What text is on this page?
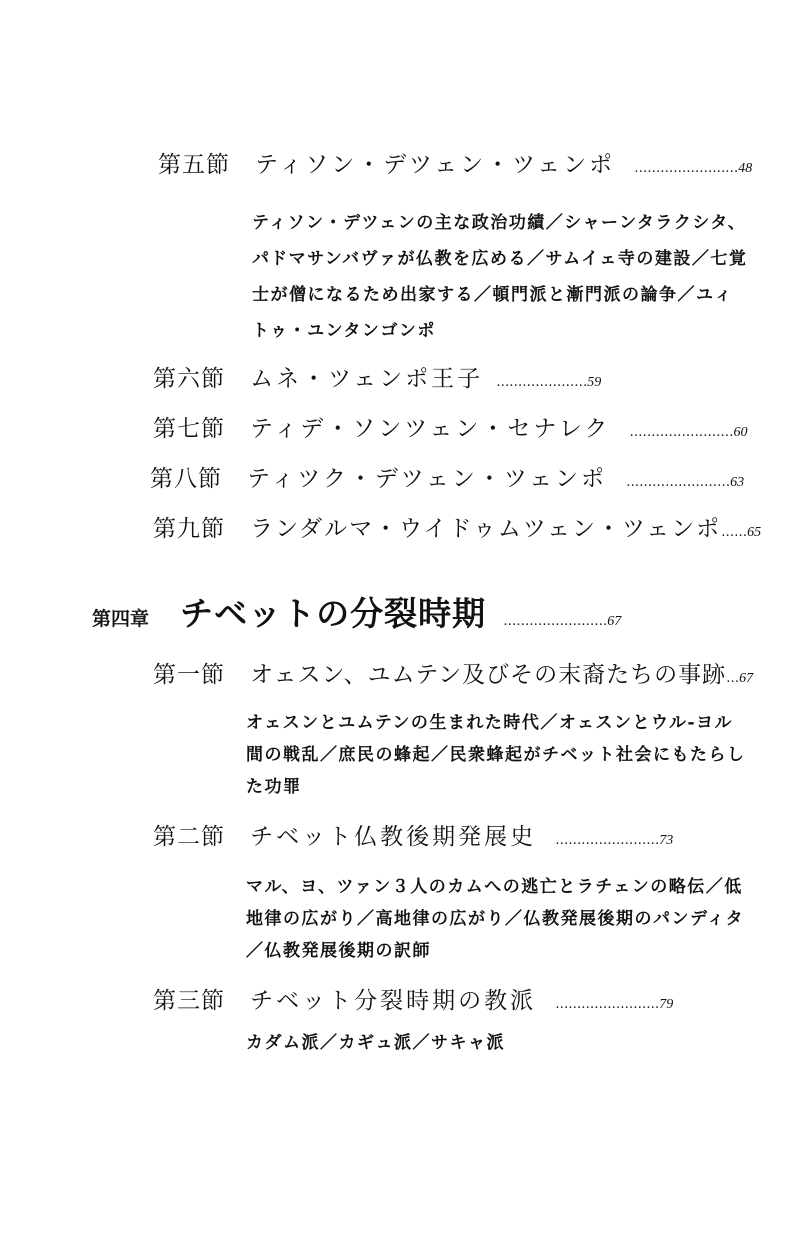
第五節 ティソン・デツェン・ツェンポ ……………………48
ティソン・デツェンの主な政治功績／シャーンタラクシタ、
パドマサンバヴァが仏教を広める／サムイェ寺の建設／七覚
士が僧になるため出家する／頓門派と漸門派の論争／ユィ
トゥ・ユンタンゴンポ
第六節 ムネ・ツェンポ王子 …………………59
第七節 ティデ・ソンツェン・セナレク ……………………60
第八節 ティツク・デツェン・ツェンポ ……………………63
第九節 ランダルマ・ウイドゥムツェン・ツェンポ……65
第四章 チベットの分裂時期 ……………………67
第一節 オェスン、ユムテン及びその末裔たちの事跡…67
オェスンとユムテンの生まれた時代／オェスンとウル-ヨル
間の戦乱／庶民の蜂起／民衆蜂起がチベット社会にもたらし
た功罪
第二節 チベット仏教後期発展史 ……………………73
マル、ヨ、ツァン３人のカムへの逃亡とラチェンの略伝／低
地律の広がり／高地律の広がり／仏教発展後期のパンディタ
／仏教発展後期の訳師
第三節 チベット分裂時期の教派 ……………………79
カダム派／カギュ派／サキャ派
